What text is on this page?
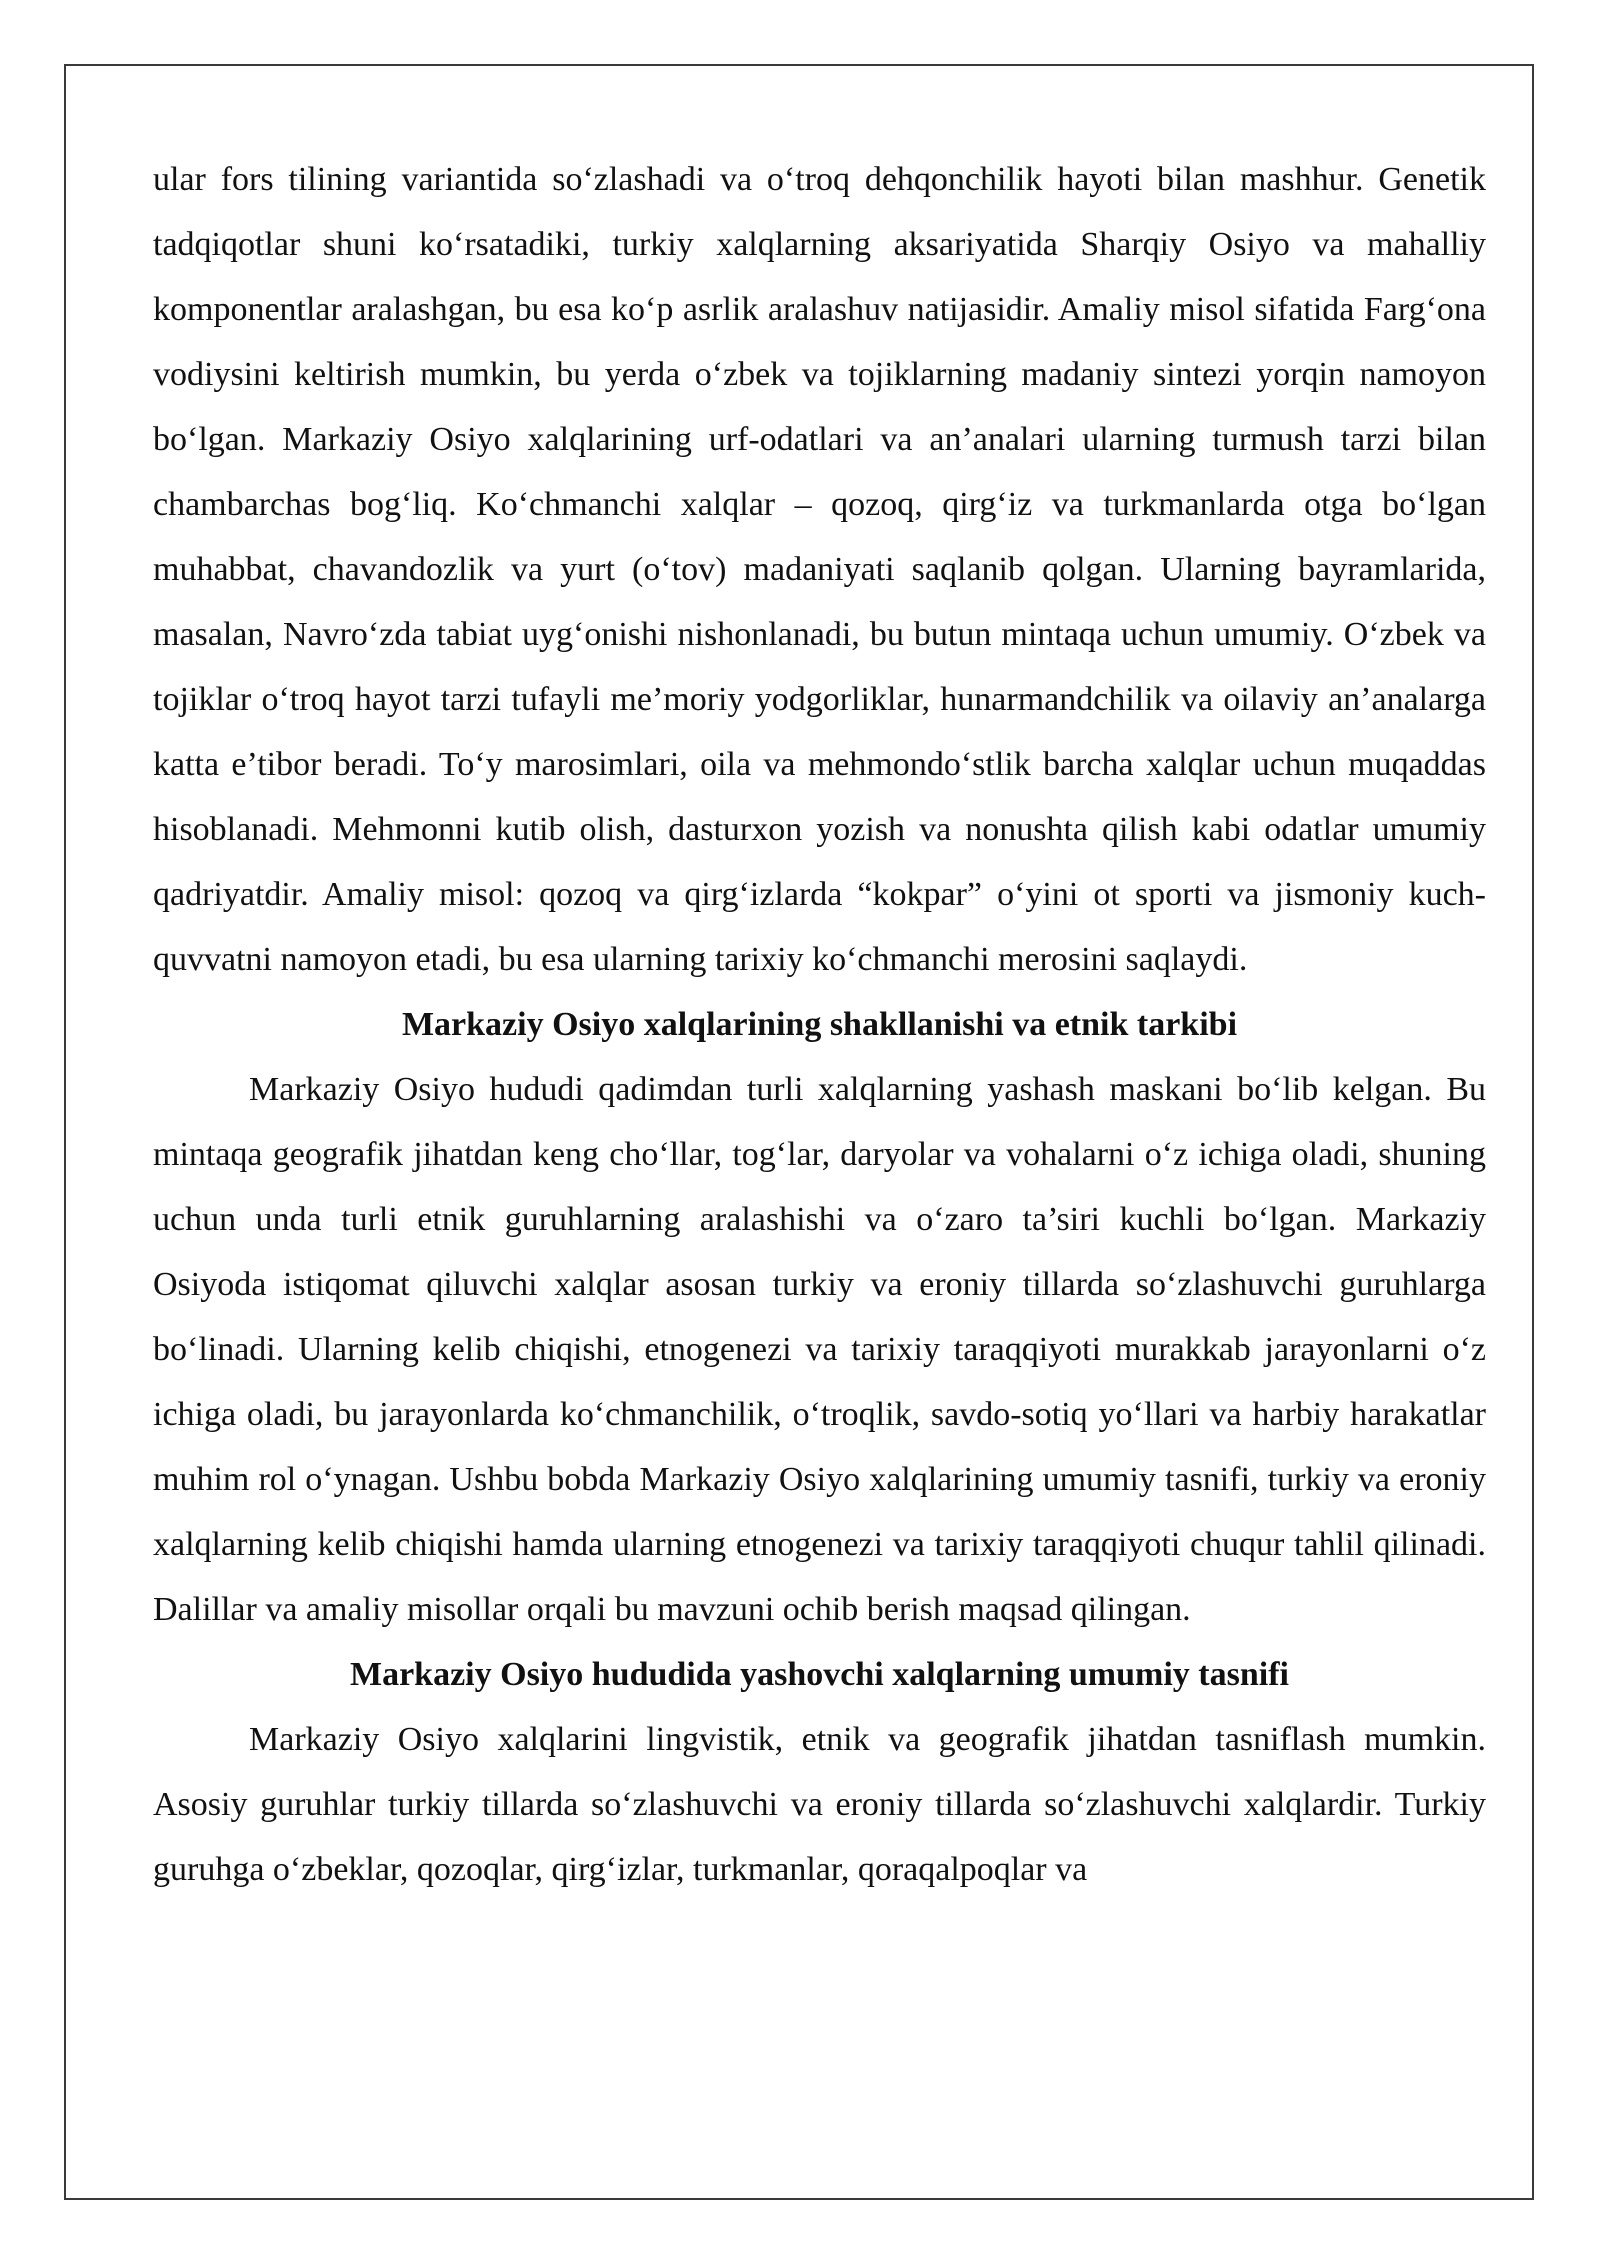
ular fors tilining variantida so‘zlashadi va o‘troq dehqonchilik hayoti bilan mashhur. Genetik tadqiqotlar shuni ko‘rsatadiki, turkiy xalqlarning aksariyatida Sharqiy Osiyo va mahalliy komponentlar aralashgan, bu esa ko‘p asrlik aralashuv natijasidir. Amaliy misol sifatida Farg‘ona vodiysini keltirish mumkin, bu yerda o‘zbek va tojiklarning madaniy sintezi yorqin namoyon bo‘lgan. Markaziy Osiyo xalqlarining urf-odatlari va an’analari ularning turmush tarzi bilan chambarchas bog‘liq. Ko‘chmanchi xalqlar – qozoq, qirg‘iz va turkmanlarda otga bo‘lgan muhabbat, chavandozlik va yurt (o‘tov) madaniyati saqlanib qolgan. Ularning bayramlarida, masalan, Navro‘zda tabiat uyg‘onishi nishonlanadi, bu butun mintaqa uchun umumiy. O‘zbek va tojiklar o‘troq hayot tarzi tufayli me’moriy yodgorliklar, hunarmandchilik va oilaviy an’analarga katta e’tibor beradi. To‘y marosimlari, oila va mehmondo‘stlik barcha xalqlar uchun muqaddas hisoblanadi. Mehmonni kutib olish, dasturxon yozish va nonushta qilish kabi odatlar umumiy qadriyatdir. Amaliy misol: qozoq va qirg‘izlarda “kokpar” o‘yini ot sporti va jismoniy kuch-quvvatni namoyon etadi, bu esa ularning tarixiy ko‘chmanchi merosini saqlaydi.

Markaziy Osiyo xalqlarining shakllanishi va etnik tarkibi

Markaziy Osiyo hududi qadimdan turli xalqlarning yashash maskani bo‘lib kelgan. Bu mintaqa geografik jihatdan keng cho‘llar, tog‘lar, daryolar va vohalarni o‘z ichiga oladi, shuning uchun unda turli etnik guruhlarning aralashishi va o‘zaro ta’siri kuchli bo‘lgan. Markaziy Osiyoda istiqomat qiluvchi xalqlar asosan turkiy va eroniy tillarda so‘zlashuvchi guruhlarga bo‘linadi. Ularning kelib chiqishi, etnogenezi va tarixiy taraqqiyoti murakkab jarayonlarni o‘z ichiga oladi, bu jarayonlarda ko‘chmanchilik, o‘troqlik, savdo-sotiq yo‘llari va harbiy harakatlar muhim rol o‘ynagan. Ushbu bobda Markaziy Osiyo xalqlarining umumiy tasnifi, turkiy va eroniy xalqlarning kelib chiqishi hamda ularning etnogenezi va tarixiy taraqqiyoti chuqur tahlil qilinadi. Dalillar va amaliy misollar orqali bu mavzuni ochib berish maqsad qilingan.

Markaziy Osiyo hududida yashovchi xalqlarning umumiy tasnifi

Markaziy Osiyo xalqlarini lingvistik, etnik va geografik jihatdan tasniflash mumkin. Asosiy guruhlar turkiy tillarda so‘zlashuvchi va eroniy tillarda so‘zlashuvchi xalqlardir. Turkiy guruhga o‘zbeklar, qozoqlar, qirg‘izlar, turkmanlar, qoraqalpoqlar va
